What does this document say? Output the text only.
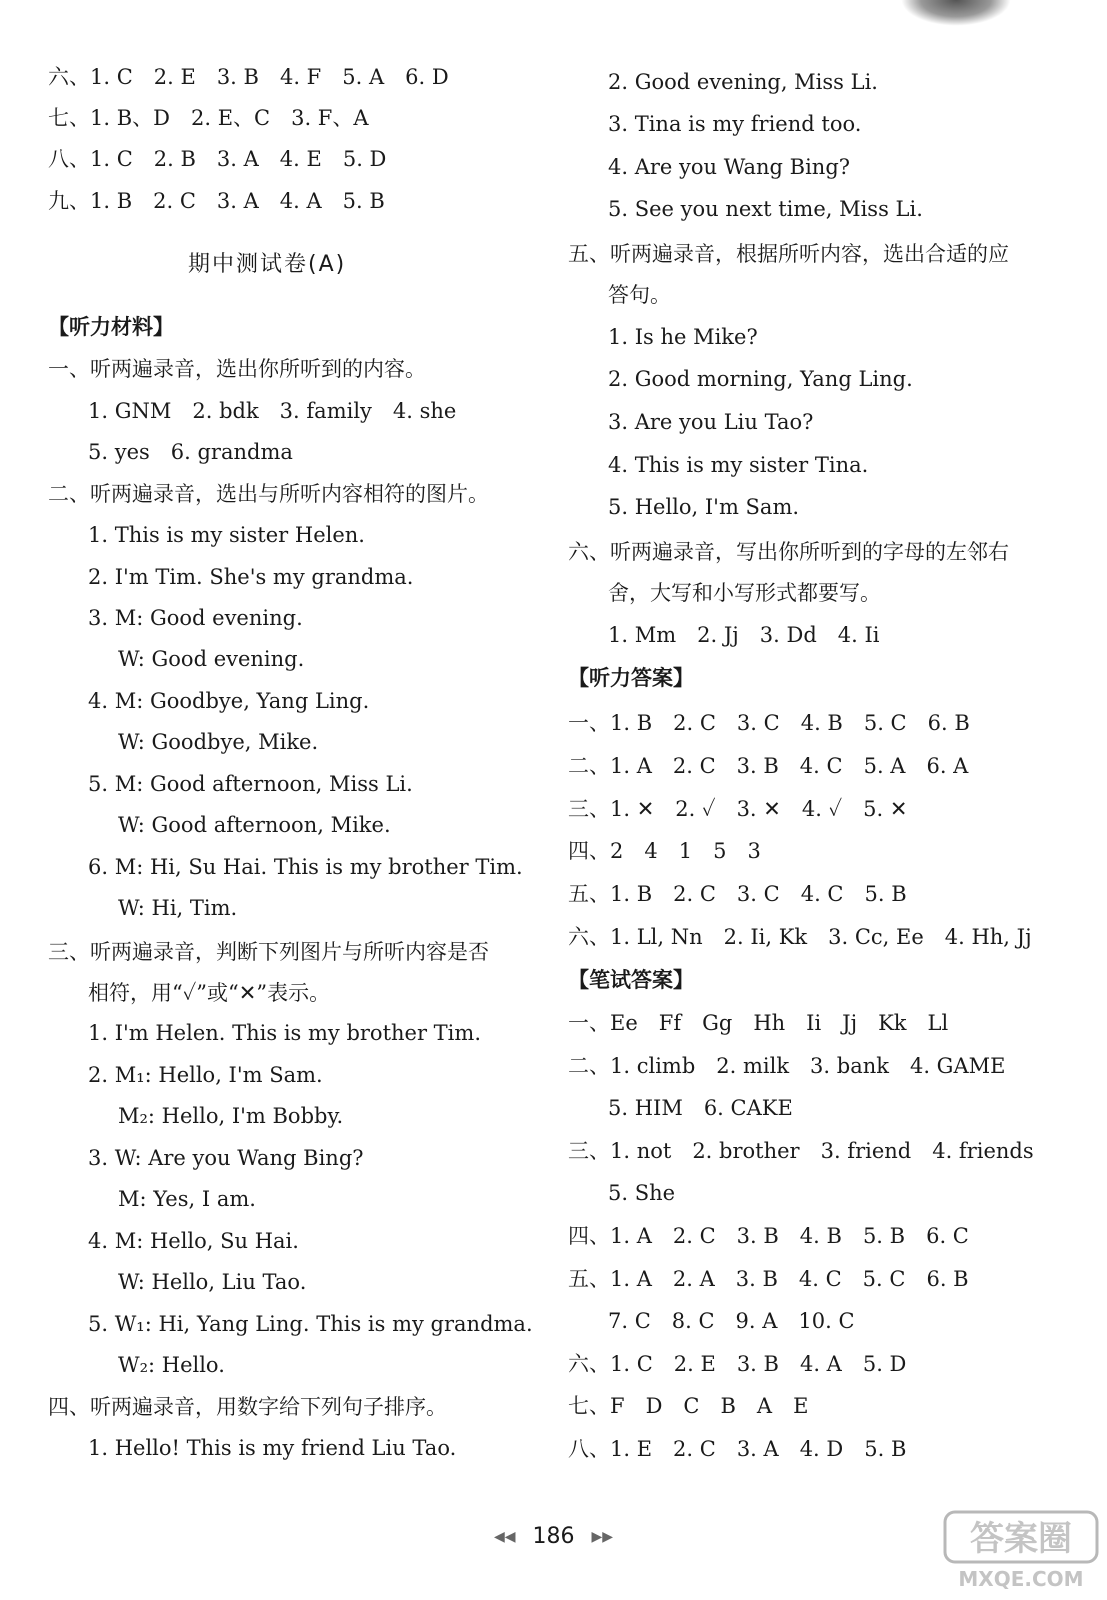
六、1. C　2. E　3. B　4. F　5. A　6. D
七、1. B、D　2. E、C　3. F、A
八、1. C　2. B　3. A　4. E　5. D
九、1. B　2. C　3. A　4. A　5. B
期中测试卷(A)
【听力材料】
一、听两遍录音，选出你所听到的内容。
1. GNM　2. bdk　3. family　4. she
5. yes　6. grandma
二、听两遍录音，选出与所听内容相符的图片。
1. This is my sister Helen.
2. I'm Tim. She's my grandma.
3. M: Good evening.
W: Good evening.
4. M: Goodbye, Yang Ling.
W: Goodbye, Mike.
5. M: Good afternoon, Miss Li.
W: Good afternoon, Mike.
6. M: Hi, Su Hai. This is my brother Tim.
W: Hi, Tim.
三、听两遍录音，判断下列图片与所听内容是否
相符，用“✓”或“✕”表示。
1. I'm Helen. This is my brother Tim.
2. M₁: Hello, I'm Sam.
M₂: Hello, I'm Bobby.
3. W: Are you Wang Bing?
M: Yes, I am.
4. M: Hello, Su Hai.
W: Hello, Liu Tao.
5. W₁: Hi, Yang Ling. This is my grandma.
W₂: Hello.
四、听两遍录音，用数字给下列句子排序。
1. Hello! This is my friend Liu Tao.
2. Good evening, Miss Li.
3. Tina is my friend too.
4. Are you Wang Bing?
5. See you next time, Miss Li.
五、听两遍录音，根据所听内容，选出合适的应
答句。
1. Is he Mike?
2. Good morning, Yang Ling.
3. Are you Liu Tao?
4. This is my sister Tina.
5. Hello, I'm Sam.
六、听两遍录音，写出你所听到的字母的左邻右
舍，大写和小写形式都要写。
1. Mm　2. Jj　3. Dd　4. Ii
【听力答案】
一、1. B　2. C　3. C　4. B　5. C　6. B
二、1. A　2. C　3. B　4. C　5. A　6. A
三、1. ✕　2. ✓　3. ✕　4. ✓　5. ✕
四、2　4　1　5　3
五、1. B　2. C　3. C　4. C　5. B
六、1. Ll, Nn　2. Ii, Kk　3. Cc, Ee　4. Hh, Jj
【笔试答案】
一、Ee　Ff　Gg　Hh　Ii　Jj　Kk　Ll
二、1. climb　2. milk　3. bank　4. GAME
5. HIM　6. CAKE
三、1. not　2. brother　3. friend　4. friends
5. She
四、1. A　2. C　3. B　4. B　5. B　6. C
五、1. A　2. A　3. B　4. C　5. C　6. B
7. C　8. C　9. A　10. C
六、1. C　2. E　3. B　4. A　5. D
七、F　D　C　B　A　E
八、1. E　2. C　3. A　4. D　5. B
◀◀ 186 ▶▶	答案圈
MXQE.COM
